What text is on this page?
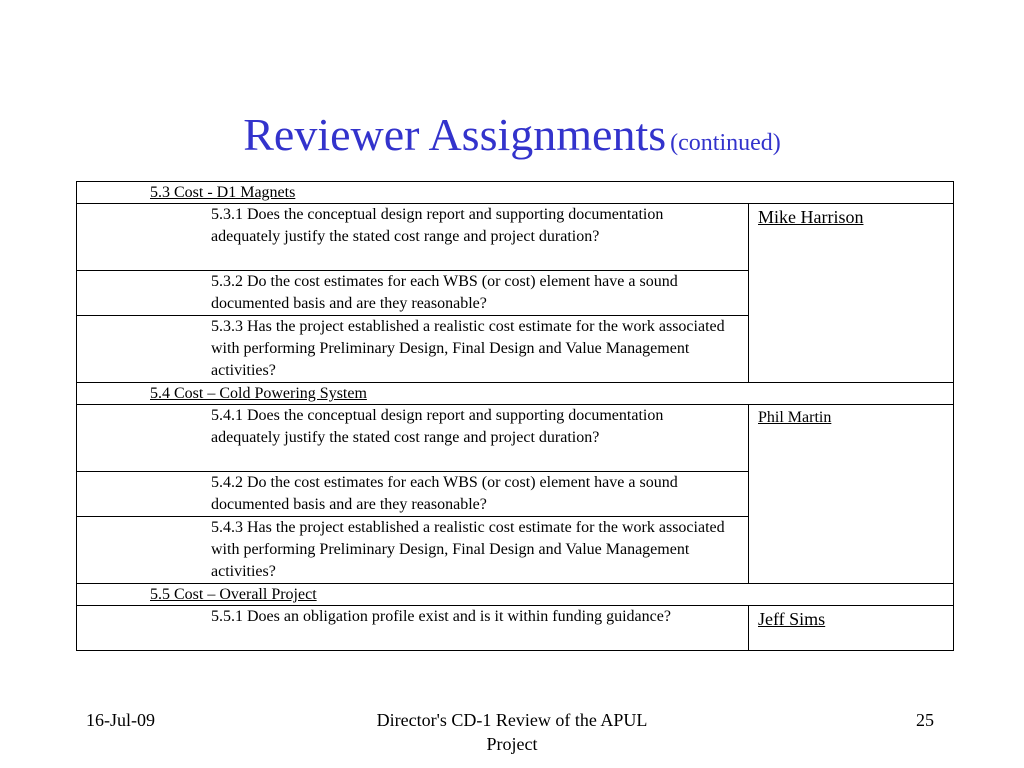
Reviewer Assignments (continued)
5.3 Cost - D1 Magnets	
5.3.1 Does the conceptual design report and supporting documentation adequately justify the stated cost range and project duration?	Mike Harrison
5.3.2 Do the cost estimates for each WBS (or cost) element have a sound documented basis and are they reasonable?	
5.3.3 Has the project established a realistic cost estimate for the work associated with performing Preliminary Design, Final Design and Value Management activities?	
5.4 Cost – Cold Powering System	
5.4.1 Does the conceptual design report and supporting documentation adequately justify the stated cost range and project duration?	Phil Martin
5.4.2 Do the cost estimates for each WBS (or cost) element have a sound documented basis and are they reasonable?	
5.4.3 Has the project established a realistic cost estimate for the work associated with performing Preliminary Design, Final Design and Value Management activities?	
5.5 Cost – Overall Project	
5.5.1 Does an obligation profile exist and is it within funding guidance?	Jeff Sims
16-Jul-09	Director's CD-1 Review of the APUL
Project
25
